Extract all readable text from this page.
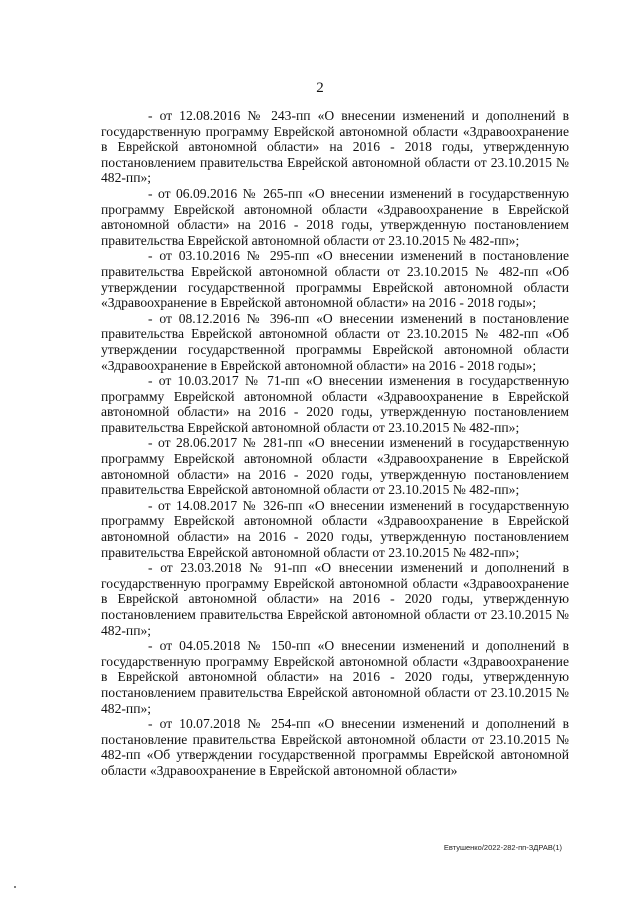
2

- от 12.08.2016 № 243-пп «О внесении изменений и дополнений в государственную программу Еврейской автономной области «Здравоохранение в Еврейской автономной области» на 2016 - 2018 годы, утвержденную постановлением правительства Еврейской автономной области от 23.10.2015 № 482-пп»;

- от 06.09.2016 № 265-пп «О внесении изменений в государственную программу Еврейской автономной области «Здравоохранение в Еврейской автономной области» на 2016 - 2018 годы, утвержденную постановлением правительства Еврейской автономной области от 23.10.2015 № 482-пп»;

- от 03.10.2016 № 295-пп «О внесении изменений в постановление правительства Еврейской автономной области от 23.10.2015 № 482-пп «Об утверждении государственной программы Еврейской автономной области «Здравоохранение в Еврейской автономной области» на 2016 - 2018 годы»;

- от 08.12.2016 № 396-пп «О внесении изменений в постановление правительства Еврейской автономной области от 23.10.2015 № 482-пп «Об утверждении государственной программы Еврейской автономной области «Здравоохранение в Еврейской автономной области» на 2016 - 2018 годы»;

- от 10.03.2017 № 71-пп «О внесении изменения в государственную программу Еврейской автономной области «Здравоохранение в Еврейской автономной области» на 2016 - 2020 годы, утвержденную постановлением правительства Еврейской автономной области от 23.10.2015 № 482-пп»;

- от 28.06.2017 № 281-пп «О внесении изменений в государственную программу Еврейской автономной области «Здравоохранение в Еврейской автономной области» на 2016 - 2020 годы, утвержденную постановлением правительства Еврейской автономной области от 23.10.2015 № 482-пп»;

- от 14.08.2017 № 326-пп «О внесении изменений в государственную программу Еврейской автономной области «Здравоохранение в Еврейской автономной области» на 2016 - 2020 годы, утвержденную постановлением правительства Еврейской автономной области от 23.10.2015 № 482-пп»;

- от 23.03.2018 № 91-пп «О внесении изменений и дополнений в государственную программу Еврейской автономной области «Здравоохранение в Еврейской автономной области» на 2016 - 2020 годы, утвержденную постановлением правительства Еврейской автономной области от 23.10.2015 № 482-пп»;

- от 04.05.2018 № 150-пп «О внесении изменений и дополнений в государственную программу Еврейской автономной области «Здравоохранение в Еврейской автономной области» на 2016 - 2020 годы, утвержденную постановлением правительства Еврейской автономной области от 23.10.2015 № 482-пп»;

- от 10.07.2018 № 254-пп «О внесении изменений и дополнений в постановление правительства Еврейской автономной области от 23.10.2015 № 482-пп «Об утверждении государственной программы Еврейской автономной области «Здравоохранение в Еврейской автономной области»

Евтушенко/2022-282-пп-ЗДРАВ(1)
